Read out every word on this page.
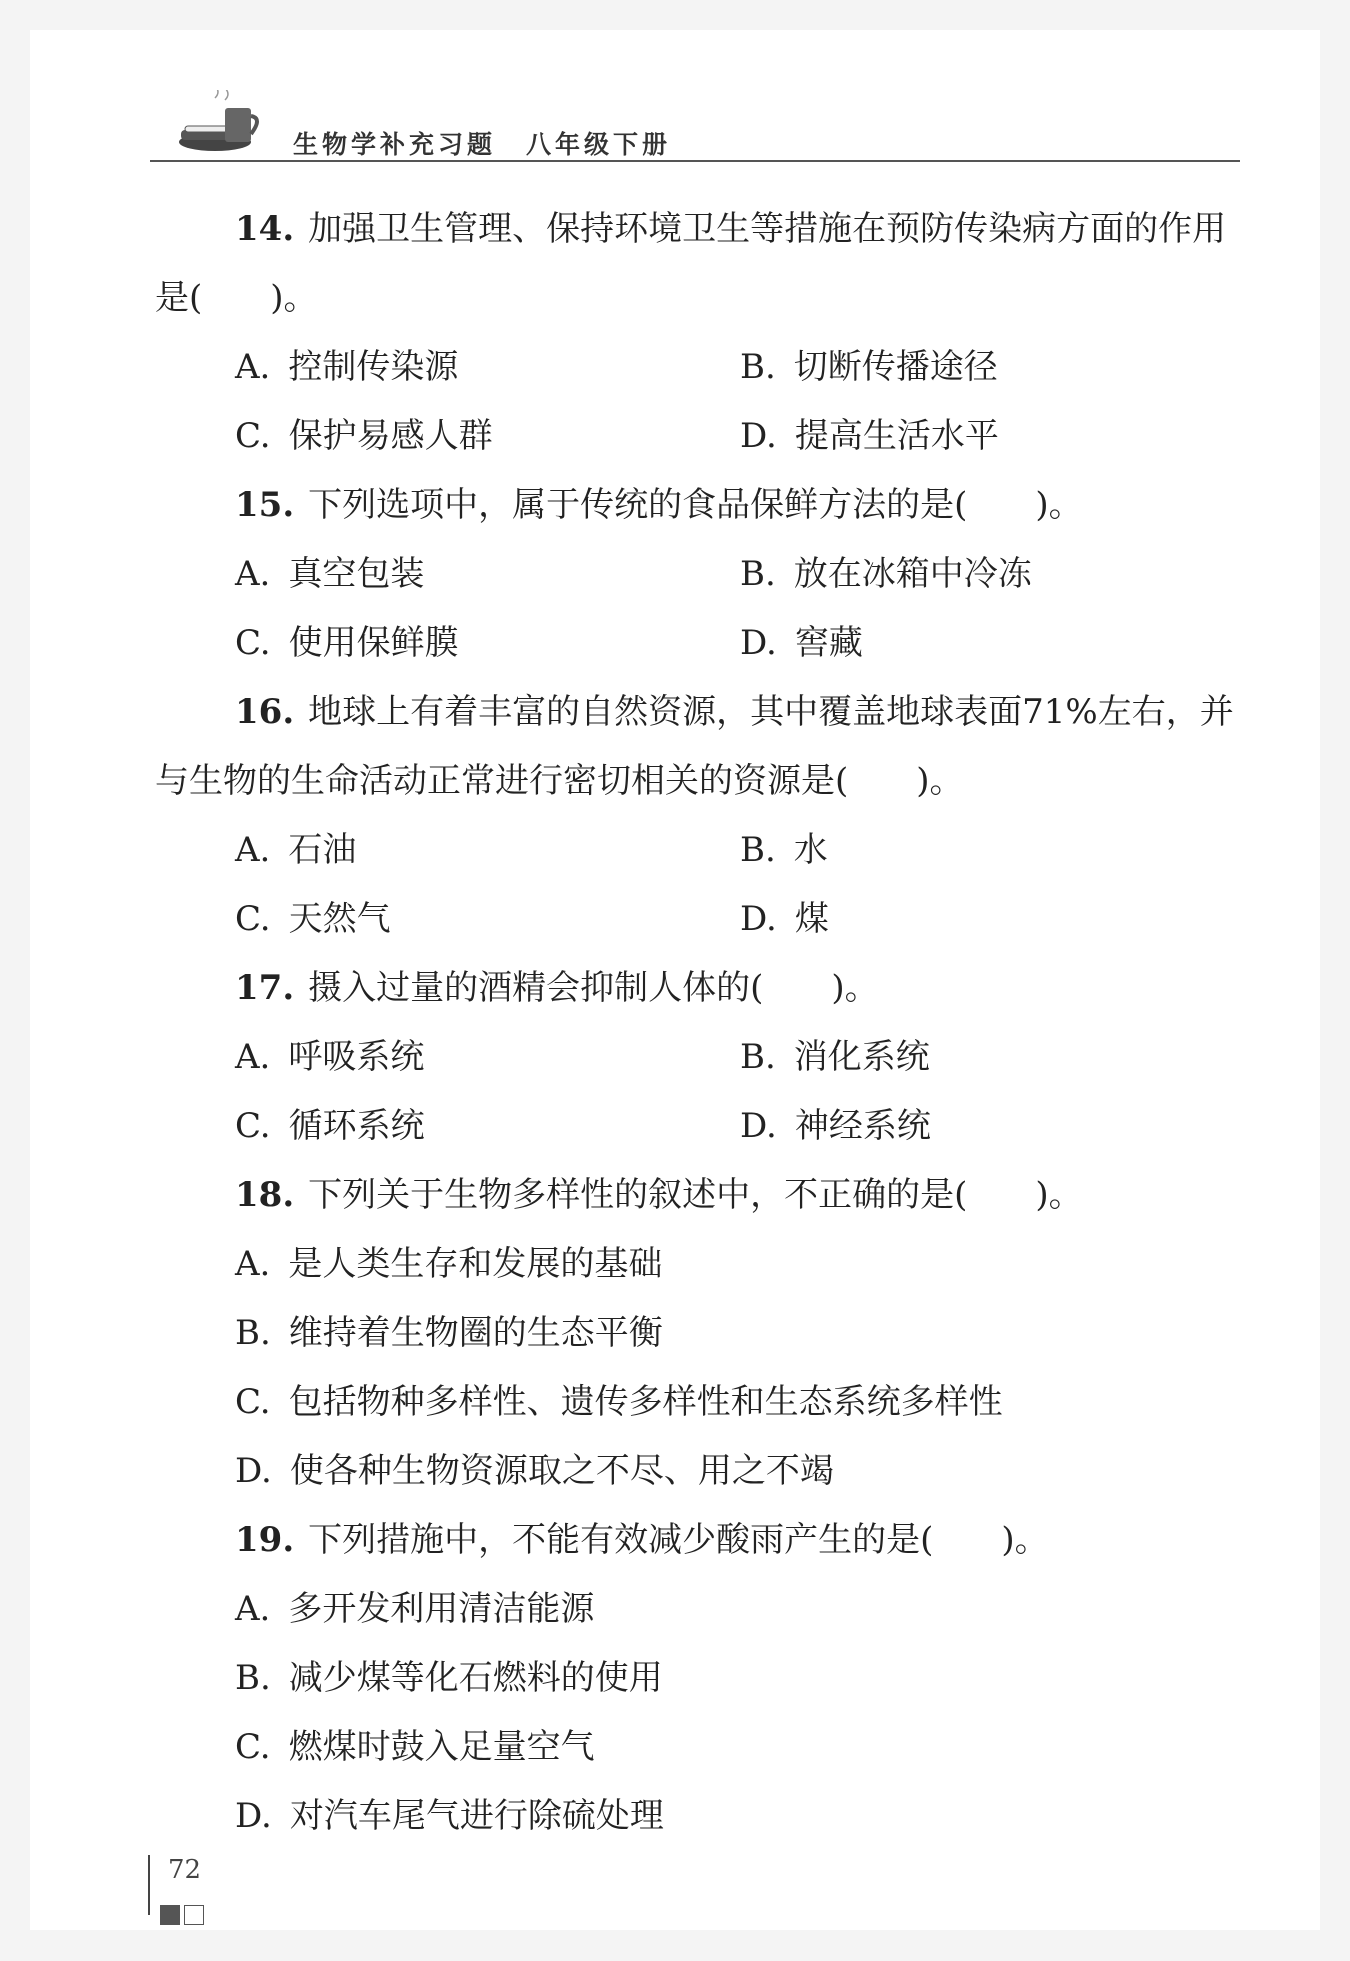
生物学补充习题 八年级下册
14. 加强卫生管理、保持环境卫生等措施在预防传染病方面的作用是(　　)。
A. 控制传染源	B. 切断传播途径
C. 保护易感人群	D. 提高生活水平
15. 下列选项中，属于传统的食品保鲜方法的是(　　)。
A. 真空包装	B. 放在冰箱中冷冻
C. 使用保鲜膜	D. 窖藏
16. 地球上有着丰富的自然资源，其中覆盖地球表面71%左右，并与生物的生命活动正常进行密切相关的资源是(　　)。
A. 石油	B. 水
C. 天然气	D. 煤
17. 摄入过量的酒精会抑制人体的(　　)。
A. 呼吸系统	B. 消化系统
C. 循环系统	D. 神经系统
18. 下列关于生物多样性的叙述中，不正确的是(　　)。
A. 是人类生存和发展的基础
B. 维持着生物圈的生态平衡
C. 包括物种多样性、遗传多样性和生态系统多样性
D. 使各种生物资源取之不尽、用之不竭
19. 下列措施中，不能有效减少酸雨产生的是(　　)。
A. 多开发利用清洁能源
B. 减少煤等化石燃料的使用
C. 燃煤时鼓入足量空气
D. 对汽车尾气进行除硫处理
72
